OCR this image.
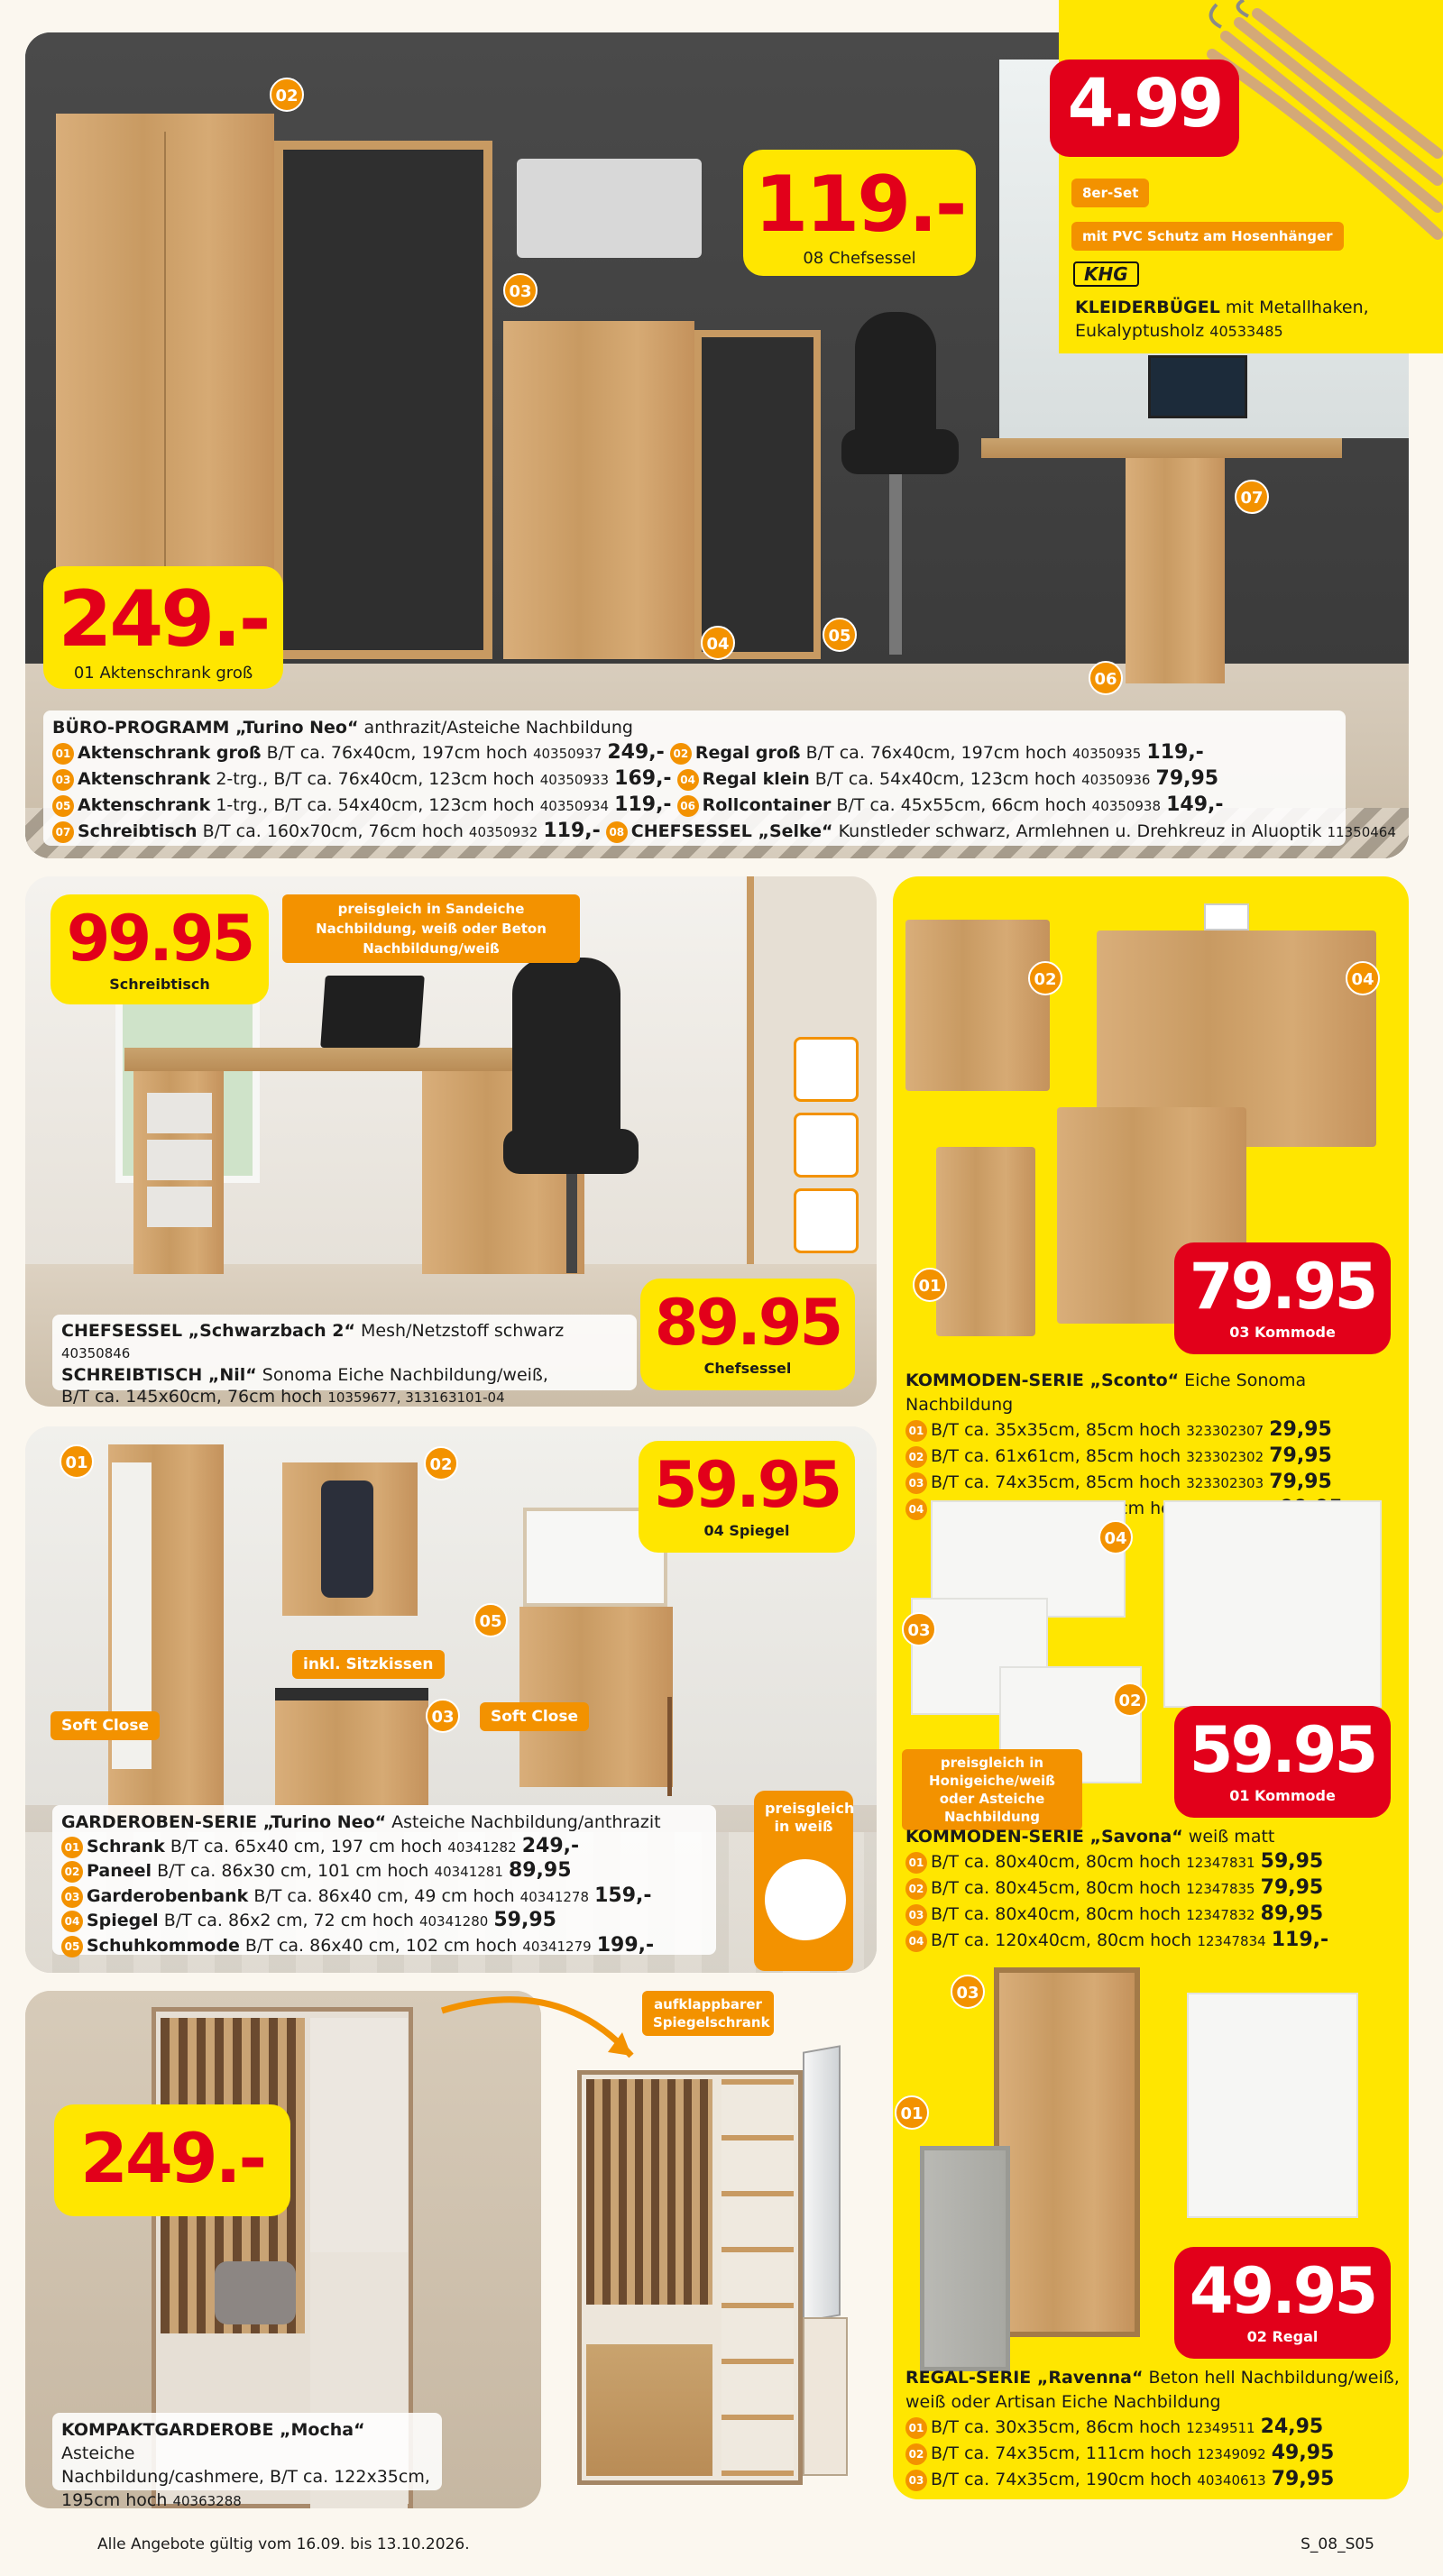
02
03
04	05
06
07
119.-
08 Chefsessel
249.-
01 Aktenschrank groß
BÜRO-PROGRAMM „Turino Neo“ anthrazit/Asteiche Nachbildung
01 Aktenschrank groß B/T ca. 76x40cm, 197cm hoch 40350937 249,- 02 Regal groß B/T ca. 76x40cm, 197cm hoch 40350935 119,-
03 Aktenschrank 2-trg., B/T ca. 76x40cm, 123cm hoch 40350933 169,- 04 Regal klein B/T ca. 54x40cm, 123cm hoch 40350936 79,95
05 Aktenschrank 1-trg., B/T ca. 54x40cm, 123cm hoch 40350934 119,- 06 Rollcontainer B/T ca. 45x55cm, 66cm hoch 40350938 149,-
07 Schreibtisch B/T ca. 160x70cm, 76cm hoch 40350932 119,- 08 CHEFSESSEL „Selke“ Kunstleder schwarz, Armlehnen u. Drehkreuz in Aluoptik 11350464
4.99
8er-Set
mit PVC Schutz am Hosenhänger
KHG
KLEIDERBÜGEL mit Metallhaken,
Eukalyptusholz 40533485
99.95
Schreibtisch
preisgleich in Sandeiche Nachbildung, weiß oder Beton Nachbildung/weiß
89.95
Chefsessel
CHEFSESSEL „Schwarzbach 2“ Mesh/Netzstoff schwarz 40350846
SCHREIBTISCH „Nil“ Sonoma Eiche Nachbildung/weiß,
B/T ca. 145x60cm, 76cm hoch 10359677, 313163101-04
02	04
01	79.95
03 Kommode
KOMMODEN-SERIE „Sconto“ Eiche Sonoma Nachbildung
01 B/T ca. 35x35cm, 85cm hoch 323302307 29,95
02 B/T ca. 61x61cm, 85cm hoch 323302302 79,95
03 B/T ca. 74x35cm, 85cm hoch 323302303 79,95
04
04
03
02
preisgleich in Honigeiche/weiß oder Asteiche Nachbildung
59.95
01 Kommode
KOMMODEN-SERIE „Savona“ weiß matt
01 B/T ca. 80x40cm, 80cm hoch 12347831 59,95
02 B/T ca. 80x45cm, 80cm hoch 12347835 79,95
03 B/T ca. 80x40cm, 80cm hoch 12347832 89,95
04 B/T ca. 120x40cm, 80cm hoch 12347834 119,-
03
01
49.95
02 Regal
REGAL-SERIE „Ravenna“ Beton hell Nachbildung/weiß,
weiß oder Artisan Eiche Nachbildung
01 B/T ca. 30x35cm, 86cm hoch 12349511 24,95
02 B/T ca. 74x35cm, 111cm hoch 12349092 49,95
03 B/T ca. 74x35cm, 190cm hoch 40340613 79,95
01	02
05
03
59.95
04 Spiegel
inkl. Sitzkissen
Soft Close	Soft Close
preisgleich in weiß
GARDEROBEN-SERIE „Turino Neo“ Asteiche Nachbildung/anthrazit
01 Schrank B/T ca. 65x40 cm, 197 cm hoch 40341282 249,-
02 Paneel B/T ca. 86x30 cm, 101 cm hoch 40341281 89,95
03 Garderobenbank B/T ca. 86x40 cm, 49 cm hoch 40341278 159,-
04 Spiegel B/T ca. 86x2 cm, 72 cm hoch 40341280 59,95
05 Schuhkommode B/T ca. 86x40 cm, 102 cm hoch 40341279 199,-
249.-
KOMPAKTGARDEROBE „Mocha“ Asteiche
Nachbildung/cashmere, B/T ca. 122x35cm,
195cm hoch 40363288
aufklappbarer Spiegelschrank
Alle Angebote gültig vom 16.09. bis 13.10.2026.	S_08_S05
